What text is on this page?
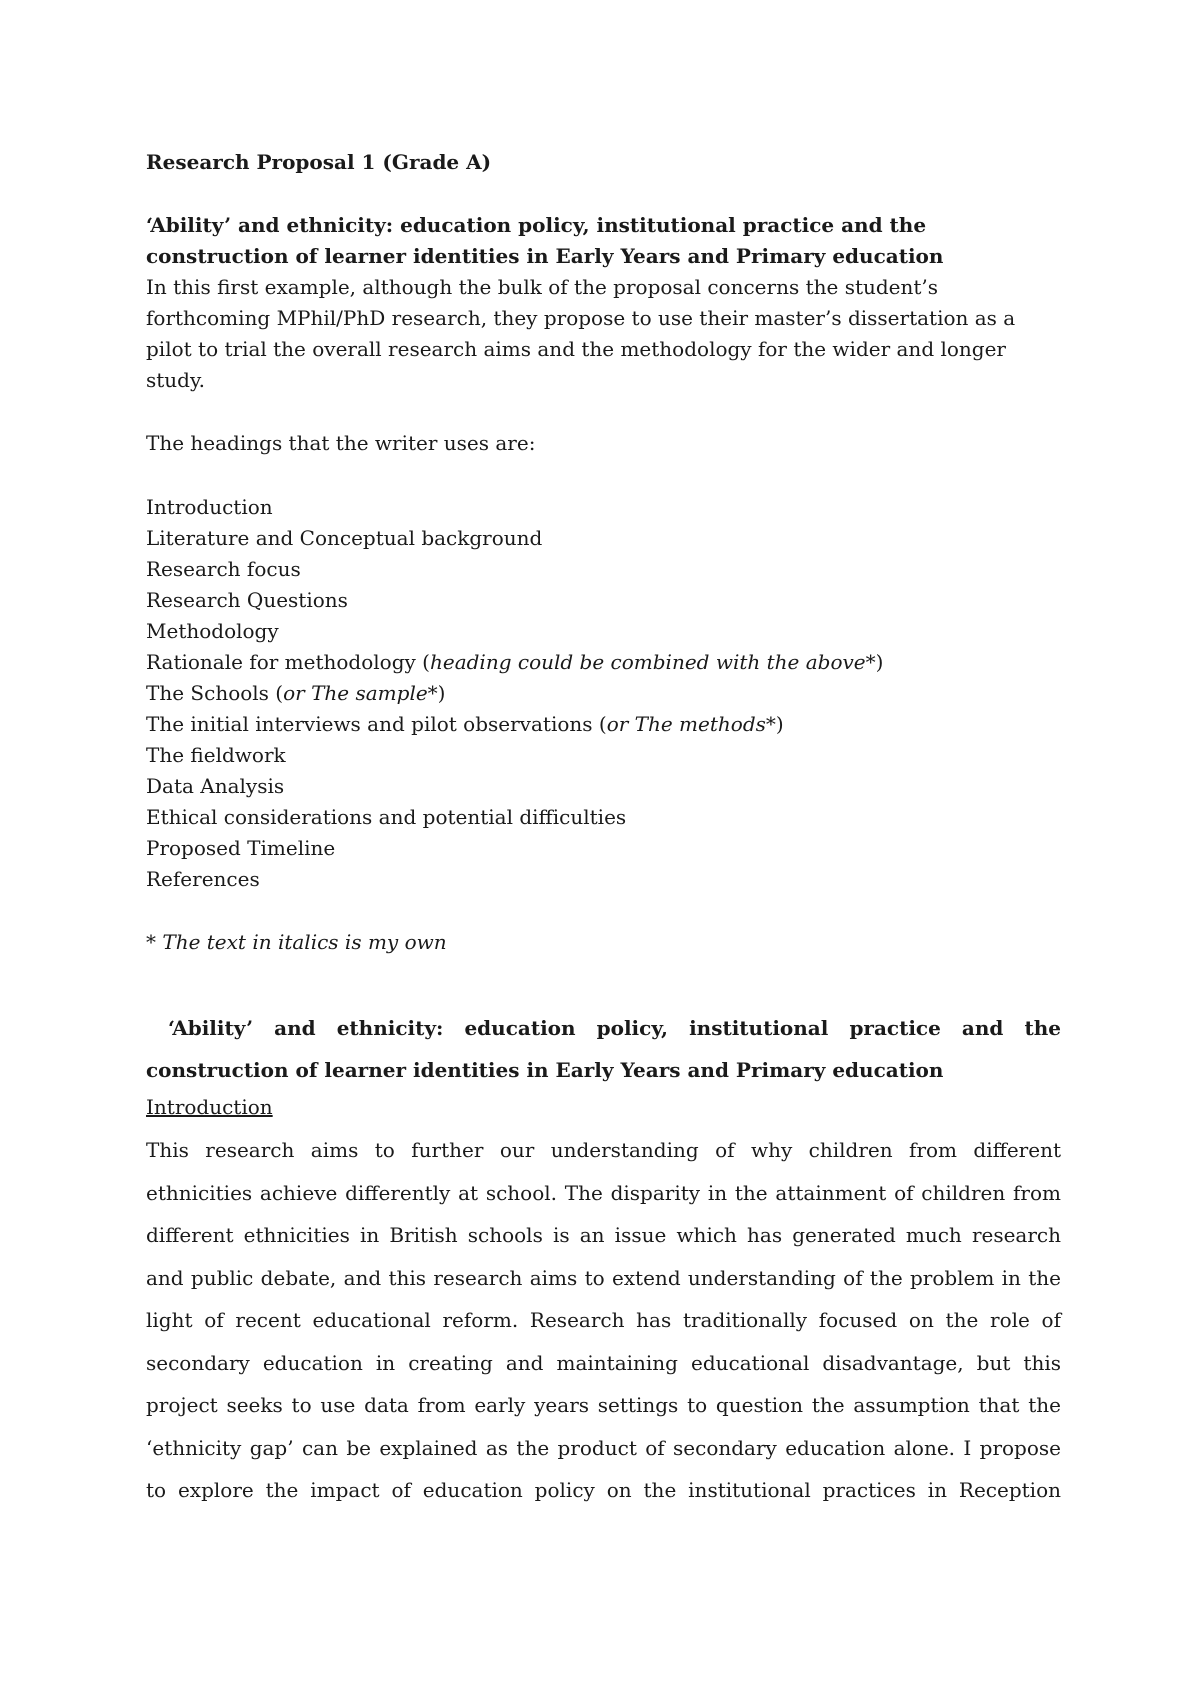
Research Proposal 1 (Grade A)
‘Ability’ and ethnicity: education policy, institutional practice and the
construction of learner identities in Early Years and Primary education
In this first example, although the bulk of the proposal concerns the student’s
forthcoming MPhil/PhD research, they propose to use their master’s dissertation as a
pilot to trial the overall research aims and the methodology for the wider and longer
study.
The headings that the writer uses are:
Introduction
Literature and Conceptual background
Research focus
Research Questions
Methodology
Rationale for methodology (heading could be combined with the above*)
The Schools (or The sample*)
The initial interviews and pilot observations (or The methods*)
The fieldwork
Data Analysis
Ethical considerations and potential difficulties
Proposed Timeline
References
* The text in italics is my own
‘Ability’ and ethnicity: education policy, institutional practice and the
construction of learner identities in Early Years and Primary education
Introduction
This research aims to further our understanding of why children from different
ethnicities achieve differently at school. The disparity in the attainment of children from
different ethnicities in British schools is an issue which has generated much research
and public debate, and this research aims to extend understanding of the problem in the
light of recent educational reform. Research has traditionally focused on the role of
secondary education in creating and maintaining educational disadvantage, but this
project seeks to use data from early years settings to question the assumption that the
‘ethnicity gap’ can be explained as the product of secondary education alone. I propose
to explore the impact of education policy on the institutional practices in Reception
